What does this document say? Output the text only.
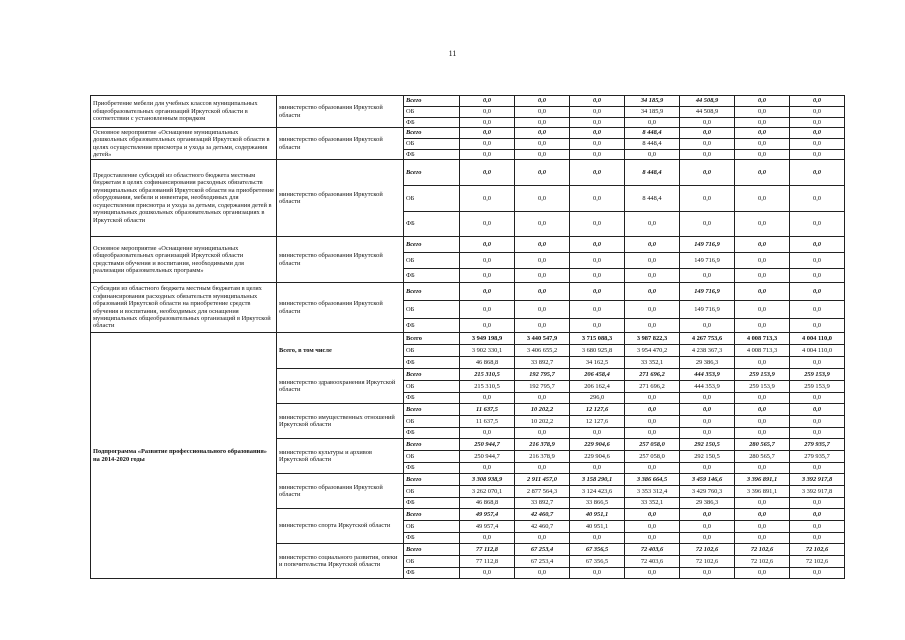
11
Приобретение мебели для учебных классов муниципальных общеобразовательных организаций Иркутской области в соответствии с установленным порядком	министерство образования Иркутской области	Всего	0,0	0,0	0,0	34 185,9	44 508,9	0,0	0,0
		ОБ	0,0	0,0	0,0	34 185,9	44 508,9	0,0	0,0
		ФБ	0,0	0,0	0,0	0,0	0,0	0,0	0,0
Основное мероприятие «Оснащение муниципальных дошкольных образовательных организаций Иркутской области в целях осуществления присмотра и ухода за детьми, содержания детей»	министерство образования Иркутской области	Всего	0,0	0,0	0,0	8 448,4	0,0	0,0	0,0
		ОБ	0,0	0,0	0,0	8 448,4	0,0	0,0	0,0
		ФБ	0,0	0,0	0,0	0,0	0,0	0,0	0,0
Предоставление субсидий из областного бюджета местным бюджетам в целях софинансирования расходных обязательств муниципальных образований Иркутской области на приобретение оборудования, мебели и инвентаря, необходимых для осуществления присмотра и ухода за детьми, содержания детей в муниципальных дошкольных образовательных организациях в Иркутской области	министерство образования Иркутской области	Всего	0,0	0,0	0,0	8 448,4	0,0	0,0	0,0
		ОБ	0,0	0,0	0,0	8 448,4	0,0	0,0	0,0
		ФБ	0,0	0,0	0,0	0,0	0,0	0,0	0,0
Основное мероприятие «Оснащение муниципальных общеобразовательных организаций Иркутской области средствами обучения и воспитания, необходимыми для реализации образовательных программ»	министерство образования Иркутской области	Всего	0,0	0,0	0,0	0,0	149 716,9	0,0	0,0
		ОБ	0,0	0,0	0,0	0,0	149 716,9	0,0	0,0
		ФБ	0,0	0,0	0,0	0,0	0,0	0,0	0,0
Субсидии из областного бюджета местным бюджетам в целях софинансирования расходных обязательств муниципальных образований Иркутской области на приобретение средств обучения и воспитания, необходимых для оснащения муниципальных общеобразовательных организаций в Иркутской области	министерство образования Иркутской области	Всего	0,0	0,0	0,0	0,0	149 716,9	0,0	0,0
		ОБ	0,0	0,0	0,0	0,0	149 716,9	0,0	0,0
		ФБ	0,0	0,0	0,0	0,0	0,0	0,0	0,0
Подпрограмма «Развитие профессионального образования» на 2014-2020 годы	Всего, в том числе	Всего	3 949 198,9	3 440 547,9	3 715 088,3	3 987 822,3	4 267 753,6	4 008 713,3	4 004 110,0
		ОБ	3 902 330,1	3 406 655,2	3 680 925,8	3 954 470,2	4 238 367,3	4 008 713,3	4 004 110,0
		ФБ	46 868,8	33 892,7	34 162,5	33 352,1	29 386,3	0,0	0,0
	министерство здравоохранения Иркутской области	Всего	215 310,5	192 795,7	206 458,4	271 696,2	444 353,9	259 153,9	259 153,9
		ОБ	215 310,5	192 795,7	206 162,4	271 696,2	444 353,9	259 153,9	259 153,9
		ФБ	0,0	0,0	296,0	0,0	0,0	0,0	0,0
	министерство имущественных отношений Иркутской области	Всего	11 637,5	10 202,2	12 127,6	0,0	0,0	0,0	0,0
		ОБ	11 637,5	10 202,2	12 127,6	0,0	0,0	0,0	0,0
		ФБ	0,0	0,0	0,0	0,0	0,0	0,0	0,0
	министерство культуры и архивов Иркутской области	Всего	250 944,7	216 378,9	229 904,6	257 058,0	292 150,5	280 565,7	279 935,7
		ОБ	250 944,7	216 378,9	229 904,6	257 058,0	292 150,5	280 565,7	279 935,7
		ФБ	0,0	0,0	0,0	0,0	0,0	0,0	0,0
	министерство образования Иркутской области	Всего	3 308 938,9	2 911 457,0	3 158 290,1	3 386 664,5	3 459 146,6	3 396 891,1	3 392 917,8
		ОБ	3 262 070,1	2 877 564,3	3 124 423,6	3 353 312,4	3 429 760,3	3 396 891,1	3 392 917,8
		ФБ	46 868,8	33 892,7	33 866,5	33 352,1	29 386,3	0,0	0,0
	министерство спорта Иркутской области	Всего	49 957,4	42 460,7	40 951,1	0,0	0,0	0,0	0,0
		ОБ	49 957,4	42 460,7	40 951,1	0,0	0,0	0,0	0,0
		ФБ	0,0	0,0	0,0	0,0	0,0	0,0	0,0
	министерство социального развития, опеки и попечительства Иркутской области	Всего	77 112,8	67 253,4	67 356,5	72 403,6	72 102,6	72 102,6	72 102,6
		ОБ	77 112,8	67 253,4	67 356,5	72 403,6	72 102,6	72 102,6	72 102,6
		ФБ	0,0	0,0	0,0	0,0	0,0	0,0	0,0
